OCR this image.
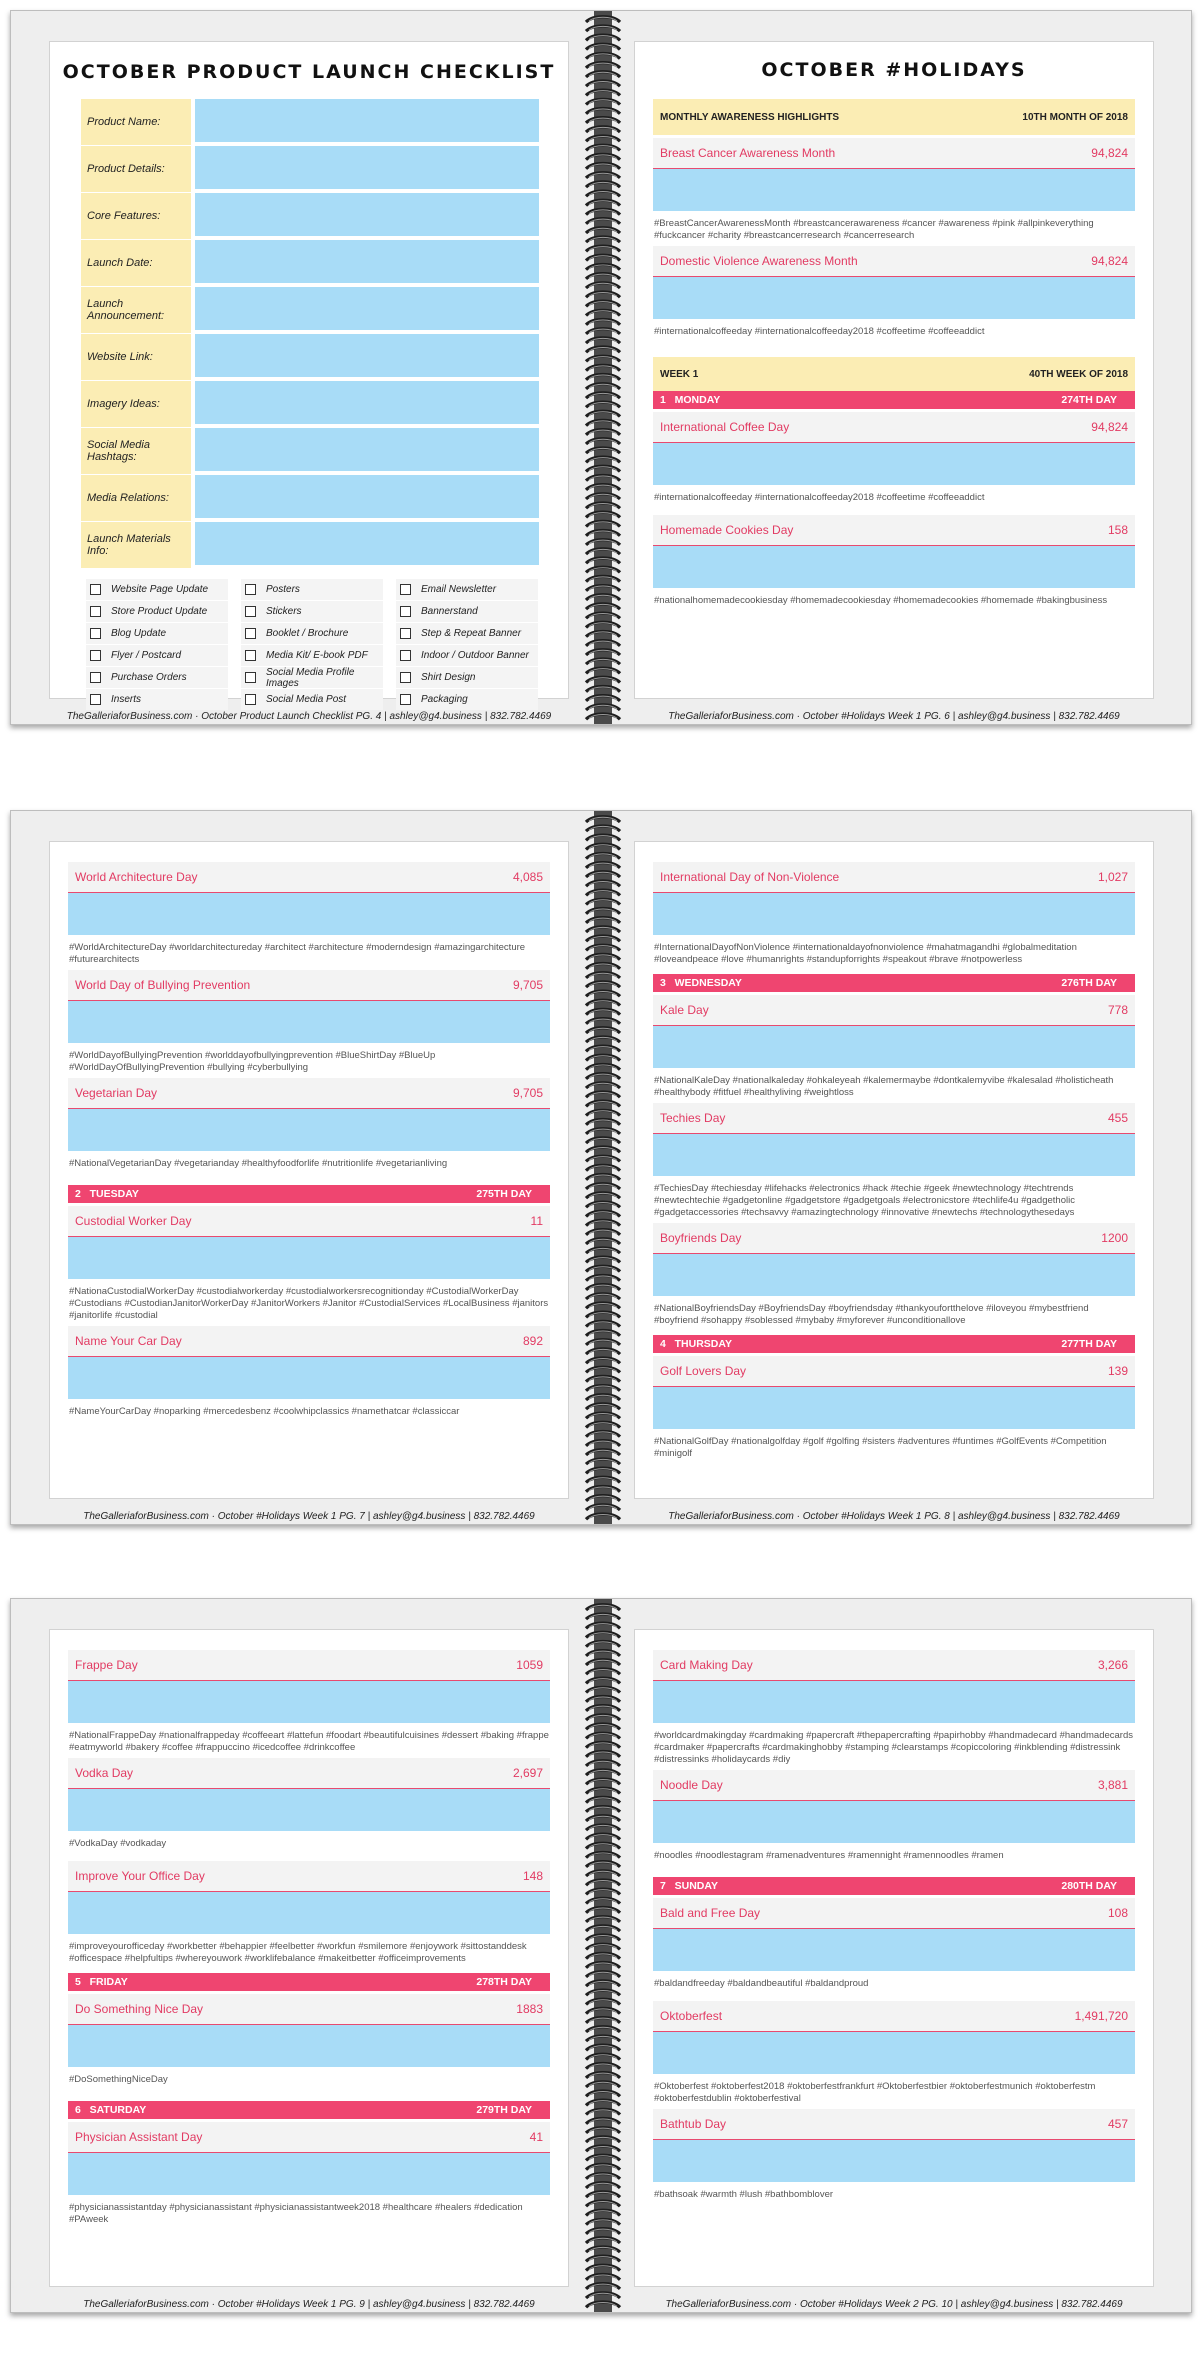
OCTOBER PRODUCT LAUNCH CHECKLIST
Product Name:
Product Details:
Core Features:
Launch Date:
Launch Announcement:
Website Link:
Imagery Ideas:
Social Media Hashtags:
Media Relations:
Launch Materials Info:
Website Page Update	Posters	Email Newsletter
Store Product Update	Stickers	Bannerstand
Blog Update	Booklet / Brochure	Step & Repeat Banner
Flyer / Postcard	Media Kit/ E-book PDF	Indoor / Outdoor Banner
Purchase Orders	Social Media Profile Images	Shirt Design
Inserts	Social Media Post	Packaging
OCTOBER #HOLIDAYS
MONTHLY AWARENESS HIGHLIGHTS	10TH MONTH OF 2018
Breast Cancer Awareness Month	94,824
#BreastCancerAwarenessMonth #breastcancerawareness #cancer #awareness #pink #allpinkeverything #fuckcancer #charity #breastcancerresearch #cancerresearch
Domestic Violence Awareness Month	94,824
#internationalcoffeeday #internationalcoffeeday2018 #coffeetime #coffeeaddict
WEEK 1	40TH WEEK OF 2018
1 MONDAY	274TH DAY
International Coffee Day	94,824
#internationalcoffeeday #internationalcoffeeday2018 #coffeetime #coffeeaddict
Homemade Cookies Day	158
#nationalhomemadecookiesday #homemadecookiesday #homemadecookies #homemade #bakingbusiness
TheGalleriaforBusiness.com · October Product Launch Checklist PG. 4 | ashley@g4.business | 832.782.4469	TheGalleriaforBusiness.com · October #Holidays Week 1 PG. 6 | ashley@g4.business | 832.782.4469
World Architecture Day	4,085
#WorldArchitectureDay #worldarchitectureday #architect #architecture #moderndesign #amazingarchitecture #futurearchitects
World Day of Bullying Prevention	9,705
#WorldDayofBullyingPrevention #worlddayofbullyingprevention #BlueShirtDay #BlueUp #WorldDayOfBullyingPrevention #bullying #cyberbullying
Vegetarian Day	9,705
#NationalVegetarianDay #vegetarianday #healthyfoodforlife #nutritionlife #vegetarianliving
2 TUESDAY	275TH DAY
Custodial Worker Day	11
#NationaCustodialWorkerDay #custodialworkerday #custodialworkersrecognitionday #CustodialWorkerDay #Custodians #CustodianJanitorWorkerDay #JanitorWorkers #Janitor #CustodialServices #LocalBusiness #janitors #janitorlife #custodial
Name Your Car Day	892
#NameYourCarDay #noparking #mercedesbenz #coolwhipclassics #namethatcar #classiccar
International Day of Non-Violence	1,027
#InternationalDayofNonViolence #internationaldayofnonviolence #mahatmagandhi #globalmeditation #loveandpeace #love #humanrights #standupforrights #speakout #brave #notpowerless
3 WEDNESDAY	276TH DAY
Kale Day	778
#NationalKaleDay #nationalkaleday #ohkaleyeah #kalemermaybe #dontkalemyvibe #kalesalad #holisticheath #healthybody #fitfuel #healthyliving #weightloss
Techies Day	455
#TechiesDay #techiesday #lifehacks #electronics #hack #techie #geek #newtechnology #techtrends #newtechtechie #gadgetonline #gadgetstore #gadgetgoals #electronicstore #techlife4u #gadgetholic #gadgetaccessories #techsavvy #amazingtechnology #innovative #newtechs #technologythesedays
Boyfriends Day	1200
#NationalBoyfriendsDay #BoyfriendsDay #boyfriendsday #thankyoufortthelove #iloveyou #mybestfriend #boyfriend #sohappy #soblessed #mybaby #myforever #unconditionallove
4 THURSDAY	277TH DAY
Golf Lovers Day	139
#NationalGolfDay #nationalgolfday #golf #golfing #sisters #adventures #funtimes #GolfEvents #Competition #minigolf
TheGalleriaforBusiness.com · October #Holidays Week 1 PG. 7 | ashley@g4.business | 832.782.4469	TheGalleriaforBusiness.com · October #Holidays Week 1 PG. 8 | ashley@g4.business | 832.782.4469
Frappe Day	1059
#NationalFrappeDay #nationalfrappeday #coffeeart #lattefun #foodart #beautifulcuisines #dessert #baking #frappe #eatmyworld #bakery #coffee #frappuccino #icedcoffee #drinkcoffee
Vodka Day	2,697
#VodkaDay #vodkaday
Improve Your Office Day	148
#improveyourofficeday #workbetter #behappier #feelbetter #workfun #smilemore #enjoywork #sittostanddesk #officespace #helpfultips #whereyouwork #worklifebalance #makeitbetter #officeimprovements
5 FRIDAY	278TH DAY
Do Something Nice Day	1883
#DoSomethingNiceDay
6 SATURDAY	279TH DAY
Physician Assistant Day	41
#physicianassistantday #physicianassistant #physicianassistantweek2018 #healthcare #healers #dedication #PAweek
Card Making Day	3,266
#worldcardmakingday #cardmaking #papercraft #thepapercrafting #papirhobby #handmadecard #handmadecards #cardmaker #papercrafts #cardmakinghobby #stamping #clearstamps #copiccoloring #inkblending #distressink #distressinks #holidaycards #diy
Noodle Day	3,881
#noodles #noodlestagram #ramenadventures #ramennight #ramennoodles #ramen
7 SUNDAY	280TH DAY
Bald and Free Day	108
#baldandfreeday #baldandbeautiful #baldandproud
Oktoberfest	1,491,720
#Oktoberfest #oktoberfest2018 #oktoberfestfrankfurt #Oktoberfestbier #oktoberfestmunich #oktoberfestm #oktoberfestdublin #oktoberfestival
Bathtub Day	457
#bathsoak #warmth #lush #bathbomblover
TheGalleriaforBusiness.com · October #Holidays Week 1 PG. 9 | ashley@g4.business | 832.782.4469	TheGalleriaforBusiness.com · October #Holidays Week 2 PG. 10 | ashley@g4.business | 832.782.4469
